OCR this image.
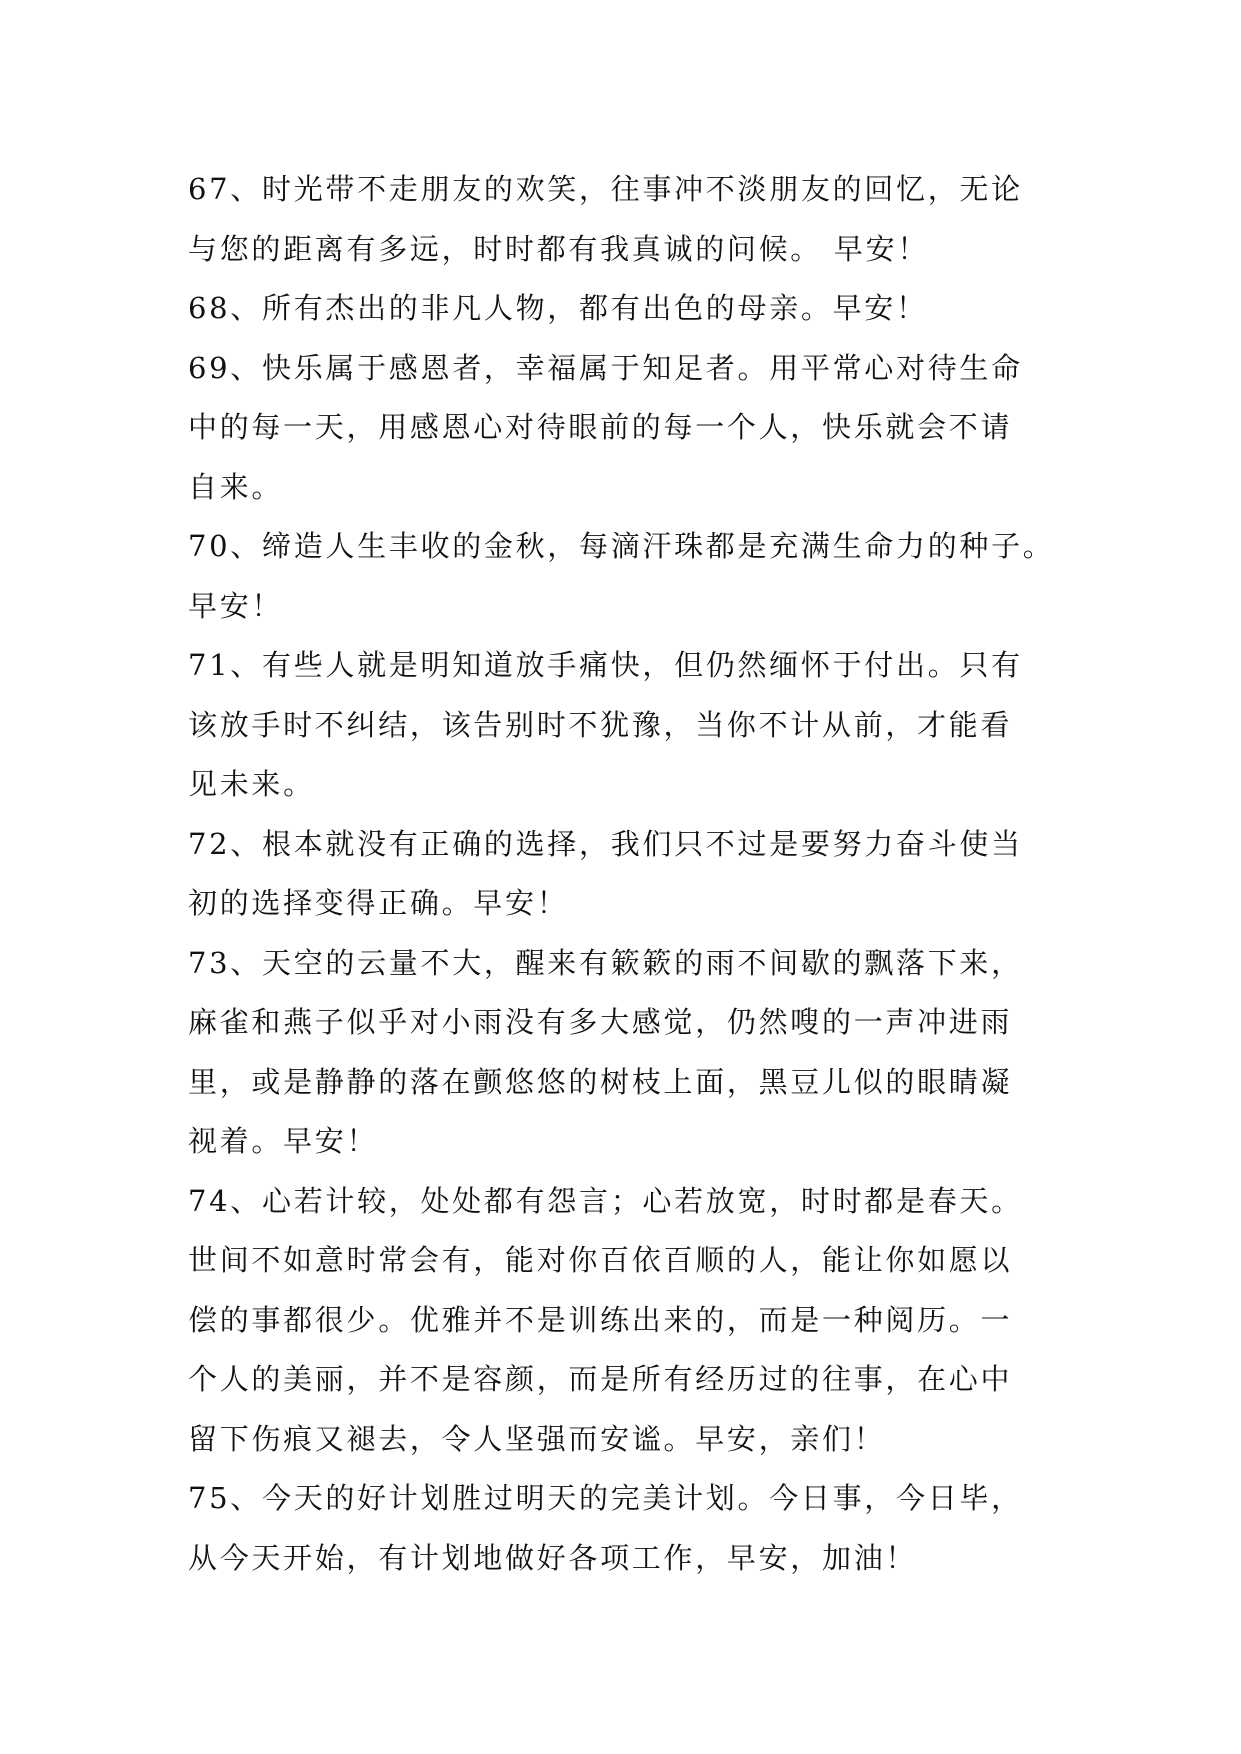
67、时光带不走朋友的欢笑，往事冲不淡朋友的回忆，无论
与您的距离有多远，时时都有我真诚的问候。 早安！
68、所有杰出的非凡人物，都有出色的母亲。早安！
69、快乐属于感恩者，幸福属于知足者。用平常心对待生命
中的每一天，用感恩心对待眼前的每一个人，快乐就会不请
自来。
70、缔造人生丰收的金秋，每滴汗珠都是充满生命力的种子。
早安！
71、有些人就是明知道放手痛快，但仍然缅怀于付出。只有
该放手时不纠结，该告别时不犹豫，当你不计从前，才能看
见未来。
72、根本就没有正确的选择，我们只不过是要努力奋斗使当
初的选择变得正确。早安！
73、天空的云量不大，醒来有簌簌的雨不间歇的飘落下来，
麻雀和燕子似乎对小雨没有多大感觉，仍然嗖的一声冲进雨
里，或是静静的落在颤悠悠的树枝上面，黑豆儿似的眼睛凝
视着。早安！
74、心若计较，处处都有怨言；心若放宽，时时都是春天。
世间不如意时常会有，能对你百依百顺的人，能让你如愿以
偿的事都很少。优雅并不是训练出来的，而是一种阅历。一
个人的美丽，并不是容颜，而是所有经历过的往事，在心中
留下伤痕又褪去，令人坚强而安谧。早安，亲们！
75、今天的好计划胜过明天的完美计划。今日事，今日毕，
从今天开始，有计划地做好各项工作，早安，加油！
